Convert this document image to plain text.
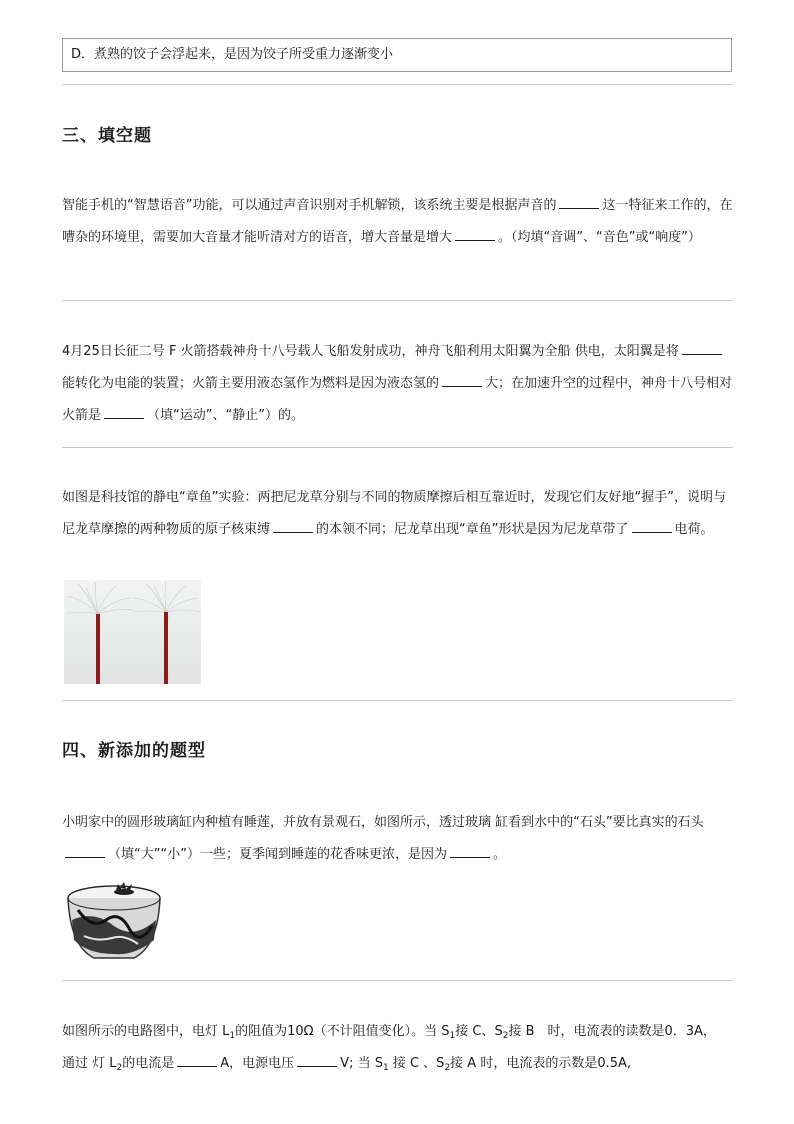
D．煮熟的饺子会浮起来，是因为饺子所受重力逐渐变小
三、填空题
智能手机的“智慧语音”功能，可以通过声音识别对手机解锁，该系统主要是根据声音的	这一特征来工作的，在嘈杂的环境里，需要加大音量才能听清对方的语音，增大音量是增大	。（均填“音调”、“音色”或“响度”）
4月25日长征二号 F 火箭搭载神舟十八号载人飞船发射成功，神舟飞船利用太阳翼为全船 供电，太阳翼是将能转化为电能的装置；火箭主要用液态氢作为燃料是因为液态氢的	大；在加速升空的过程中，神舟十八号相对火箭是	（填“运动”、“静止”）的。
如图是科技馆的静电“章鱼”实验：两把尼龙草分别与不同的物质摩擦后相互靠近时，发现它们友好地“握手”，说明与尼龙草摩擦的两种物质的原子核束缚	的本领不同；尼龙草出现“章鱼”形状是因为尼龙草带了	电荷。
四、新添加的题型
小明家中的圆形玻璃缸内种植有睡莲，并放有景观石，如图所示，透过玻璃 缸看到水中的“石头”要比真实的石头（填“大”“小”）一些；夏季闻到睡莲的花香味更浓，是因为	。
如图所示的电路图中，电灯 $L_1$的阻值为10Ω（不计阻值变化）。当 $S_1$接 C、$S_2$接 B　时，电流表的读数是0．3A，　通过 灯 $L_2$的电流是	A，电源电压	V; 当 $S_1$ 接 C 、$S_2$接 A 时，电流表的示数是0.5A,
